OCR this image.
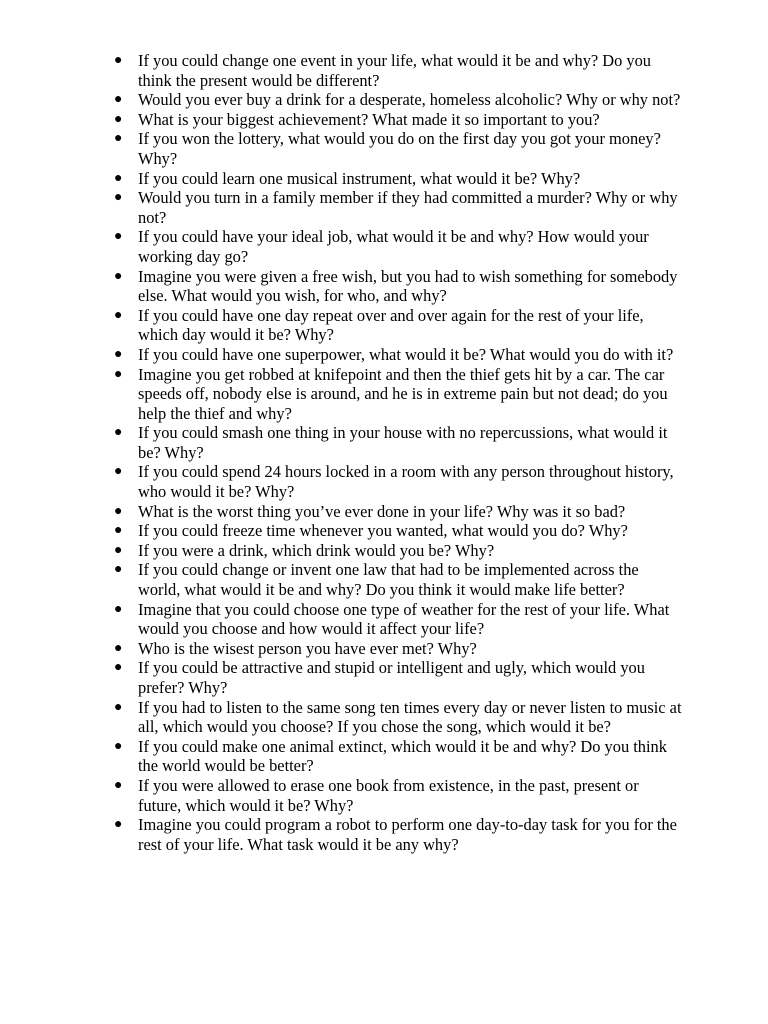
● If you could change one event in your life, what would it be and why? Do you think the present would be different?
● Would you ever buy a drink for a desperate, homeless alcoholic? Why or why not?
● What is your biggest achievement? What made it so important to you?
● If you won the lottery, what would you do on the first day you got your money? Why?
● If you could learn one musical instrument, what would it be? Why?
● Would you turn in a family member if they had committed a murder? Why or why not?
● If you could have your ideal job, what would it be and why? How would your working day go?
● Imagine you were given a free wish, but you had to wish something for somebody else. What would you wish, for who, and why?
● If you could have one day repeat over and over again for the rest of your life, which day would it be? Why?
● If you could have one superpower, what would it be? What would you do with it?
● Imagine you get robbed at knifepoint and then the thief gets hit by a car. The car speeds off, nobody else is around, and he is in extreme pain but not dead; do you help the thief and why?
● If you could smash one thing in your house with no repercussions, what would it be? Why?
● If you could spend 24 hours locked in a room with any person throughout history, who would it be? Why?
● What is the worst thing you’ve ever done in your life? Why was it so bad?
● If you could freeze time whenever you wanted, what would you do? Why?
● If you were a drink, which drink would you be? Why?
● If you could change or invent one law that had to be implemented across the world, what would it be and why? Do you think it would make life better?
● Imagine that you could choose one type of weather for the rest of your life. What would you choose and how would it affect your life?
● Who is the wisest person you have ever met? Why?
● If you could be attractive and stupid or intelligent and ugly, which would you prefer? Why?
● If you had to listen to the same song ten times every day or never listen to music at all, which would you choose? If you chose the song, which would it be?
● If you could make one animal extinct, which would it be and why? Do you think the world would be better?
● If you were allowed to erase one book from existence, in the past, present or future, which would it be? Why?
● Imagine you could program a robot to perform one day-to-day task for you for the rest of your life. What task would it be any why?
